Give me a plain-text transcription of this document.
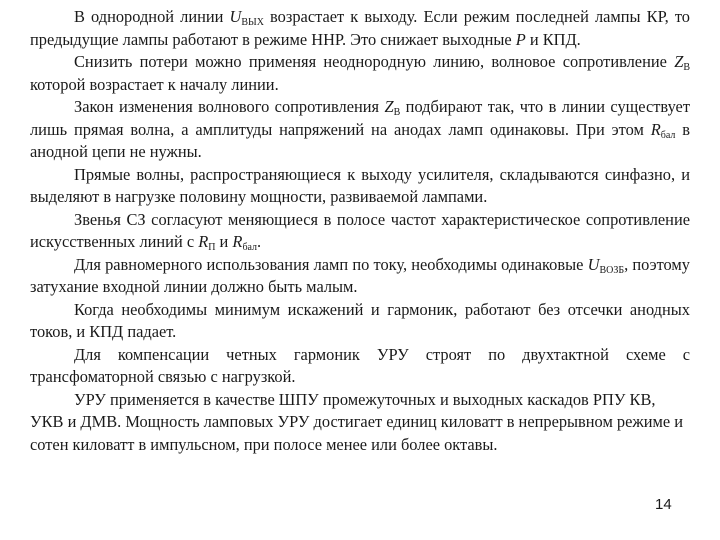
В однородной линии $U_{ВЫХ}$ возрастает к выходу. Если режим последней лампы КР, то предыдущие лампы работают в режиме ННР. Это снижает выходные Р и КПД.

Снизить потери можно применяя неоднородную линию, волновое сопротивление $Z_В$ которой возрастает к началу линии.

Закон изменения волнового сопротивления $Z_В$ подбирают так, что в линии существует лишь прямая волна, а амплитуды напряжений на анодах ламп одинаковы. При этом $R_{бал}$ в анодной цепи не нужны.

Прямые волны, распространяющиеся к выходу усилителя, складываются синфазно, и выделяют в нагрузке половину мощности, развиваемой лампами.

Звенья СЗ согласуют меняющиеся в полосе частот характеристическое сопротивление искусственных линий с $R_П$ и $R_{бал}$.

Для равномерного использования ламп по току, необходимы одинаковые $U_{ВОЗБ}$, поэтому затухание входной линии должно быть малым.

Когда необходимы минимум искажений и гармоник, работают без отсечки анодных токов, и КПД падает.

Для компенсации четных гармоник УРУ строят по двухтактной схеме с трансфоматорной связью с нагрузкой.

УРУ применяется в качестве ШПУ промежуточных и выходных каскадов РПУ КВ, УКВ и ДМВ. Мощность ламповых УРУ достигает единиц киловатт в непрерывном режиме и сотен киловатт в импульсном, при полосе менее или более октавы.

14
